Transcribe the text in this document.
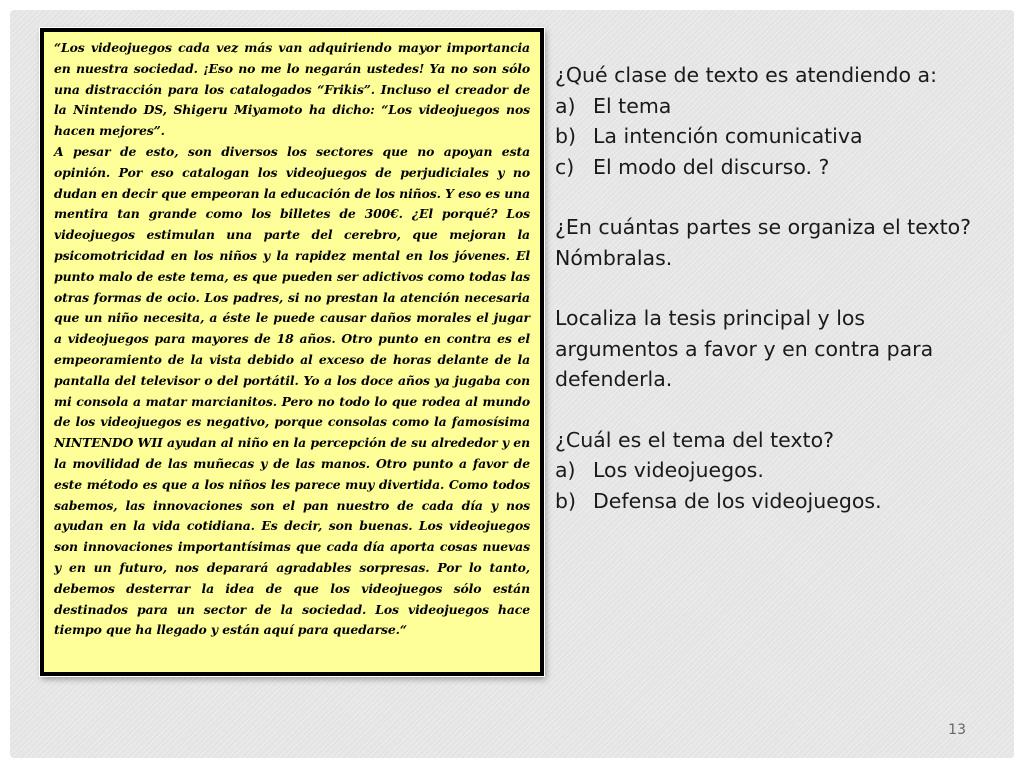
“Los videojuegos cada vez más van adquiriendo mayor importancia en nuestra sociedad. ¡Eso no me lo negarán ustedes! Ya no son sólo una distracción para los catalogados “Frikis”. Incluso el creador de la Nintendo DS, Shigeru Miyamoto ha dicho: “Los videojuegos nos hacen mejores”.

A pesar de esto, son diversos los sectores que no apoyan esta opinión. Por eso catalogan los videojuegos de perjudiciales y no dudan en decir que empeoran la educación de los niños. Y eso es una mentira tan grande como los billetes de 300€. ¿El porqué? Los videojuegos estimulan una parte del cerebro, que mejoran la psicomotricidad en los niños y la rapidez mental en los jóvenes. El punto malo de este tema, es que pueden ser adictivos como todas las otras formas de ocio. Los padres, si no prestan la atención necesaria que un niño necesita, a éste le puede causar daños morales el jugar a videojuegos para mayores de 18 años. Otro punto en contra es el empeoramiento de la vista debido al exceso de horas delante de la pantalla del televisor o del portátil. Yo a los doce años ya jugaba con mi consola a matar marcianitos. Pero no todo lo que rodea al mundo de los videojuegos es negativo, porque consolas como la famosísima NINTENDO WII ayudan al niño en la percepción de su alrededor y en la movilidad de las muñecas y de las manos. Otro punto a favor de este método es que a los niños les parece muy divertida. Como todos sabemos, las innovaciones son el pan nuestro de cada día y nos ayudan en la vida cotidiana. Es decir, son buenas. Los videojuegos son innovaciones importantísimas que cada día aporta cosas nuevas y en un futuro, nos deparará agradables sorpresas. Por lo tanto, debemos desterrar la idea de que los videojuegos sólo están destinados para un sector de la sociedad. Los videojuegos hace tiempo que ha llegado y están aquí para quedarse.“

¿Qué clase de texto es atendiendo a:
a) El tema
b) La intención comunicativa
c) El modo del discurso. ?
¿En cuántas partes se organiza el texto? Nómbralas.
Localiza la tesis principal y los argumentos a favor y en contra para defenderla.
¿Cuál es el tema del texto?
a) Los videojuegos.
b) Defensa de los videojuegos.
13
